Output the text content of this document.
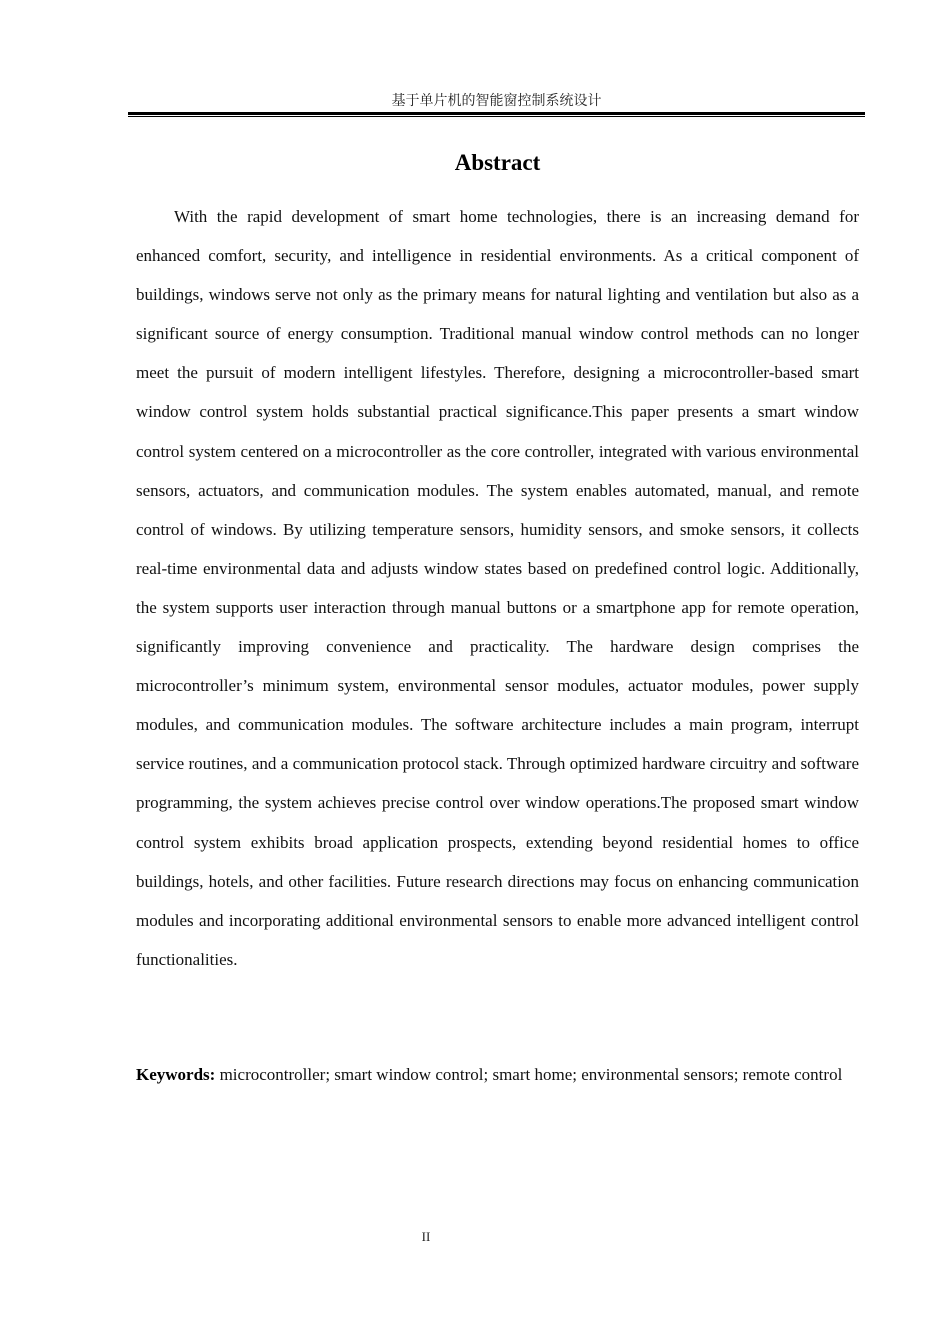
基于单片机的智能窗控制系统设计
Abstract

With the rapid development of smart home technologies, there is an increasing demand for enhanced comfort, security, and intelligence in residential environments. As a critical component of buildings, windows serve not only as the primary means for natural lighting and ventilation but also as a significant source of energy consumption. Traditional manual window control methods can no longer meet the pursuit of modern intelligent lifestyles. Therefore, designing a microcontroller-based smart window control system holds substantial practical significance.This paper presents a smart window control system centered on a microcontroller as the core controller, integrated with various environmental sensors, actuators, and communication modules. The system enables automated, manual, and remote control of windows. By utilizing temperature sensors, humidity sensors, and smoke sensors, it collects real-time environmental data and adjusts window states based on predefined control logic. Additionally, the system supports user interaction through manual buttons or a smartphone app for remote operation, significantly improving convenience and practicality. The hardware design comprises the microcontroller’s minimum system, environmental sensor modules, actuator modules, power supply modules, and communication modules. The software architecture includes a main program, interrupt service routines, and a communication protocol stack. Through optimized hardware circuitry and software programming, the system achieves precise control over window operations.The proposed smart window control system exhibits broad application prospects, extending beyond residential homes to office buildings, hotels, and other facilities. Future research directions may focus on enhancing communication modules and incorporating additional environmental sensors to enable more advanced intelligent control functionalities.

Keywords: microcontroller; smart window control; smart home; environmental sensors; remote control

II
